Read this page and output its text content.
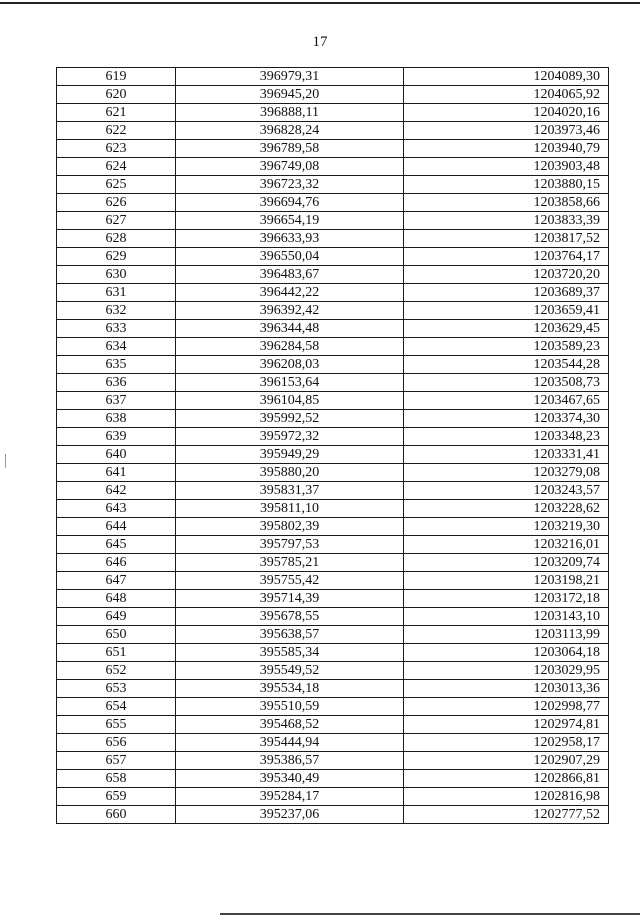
17
619	396979,31	1204089,30
620	396945,20	1204065,92
621	396888,11	1204020,16
622	396828,24	1203973,46
623	396789,58	1203940,79
624	396749,08	1203903,48
625	396723,32	1203880,15
626	396694,76	1203858,66
627	396654,19	1203833,39
628	396633,93	1203817,52
629	396550,04	1203764,17
630	396483,67	1203720,20
631	396442,22	1203689,37
632	396392,42	1203659,41
633	396344,48	1203629,45
634	396284,58	1203589,23
635	396208,03	1203544,28
636	396153,64	1203508,73
637	396104,85	1203467,65
638	395992,52	1203374,30
639	395972,32	1203348,23
640	395949,29	1203331,41
641	395880,20	1203279,08
642	395831,37	1203243,57
643	395811,10	1203228,62
644	395802,39	1203219,30
645	395797,53	1203216,01
646	395785,21	1203209,74
647	395755,42	1203198,21
648	395714,39	1203172,18
649	395678,55	1203143,10
650	395638,57	1203113,99
651	395585,34	1203064,18
652	395549,52	1203029,95
653	395534,18	1203013,36
654	395510,59	1202998,77
655	395468,52	1202974,81
656	395444,94	1202958,17
657	395386,57	1202907,29
658	395340,49	1202866,81
659	395284,17	1202816,98
660	395237,06	1202777,52
